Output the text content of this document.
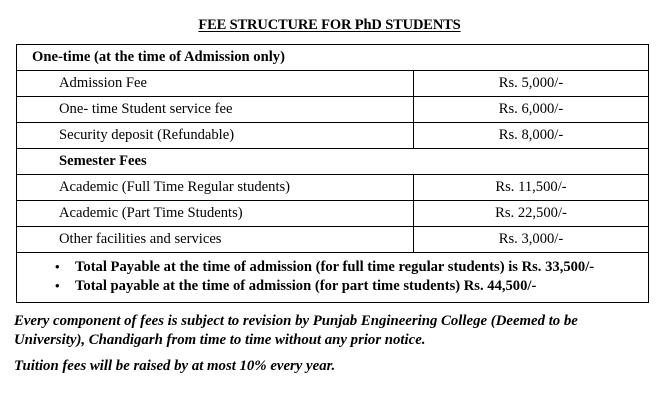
FEE STRUCTURE FOR PhD STUDENTS
One-time (at the time of Admission only)	
Admission Fee	Rs. 5,000/-
One- time Student service fee	Rs. 6,000/-
Security deposit (Refundable)	Rs. 8,000/-
Semester Fees	
Academic (Full Time Regular students)	Rs. 11,500/-
Academic (Part Time Students)	Rs. 22,500/-
Other facilities and services	Rs. 3,000/-

• Total Payable at the time of admission (for full time regular students) is Rs. 33,500/-
• Total payable at the time of admission (for part time students) Rs. 44,500/-
Every component of fees is subject to revision by Punjab Engineering College (Deemed to be University), Chandigarh from time to time without any prior notice.
Tuition fees will be raised by at most 10% every year.
